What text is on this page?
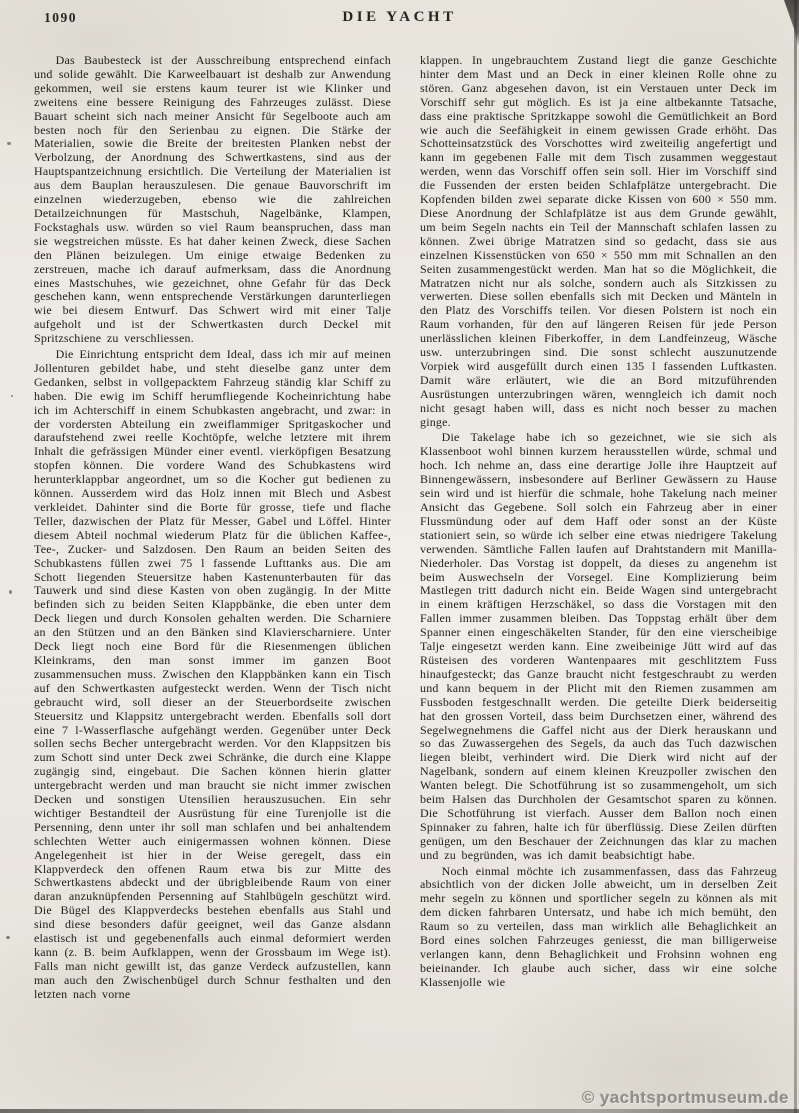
1090	DIE YACHT

Das Baubesteck ist der Ausschreibung entsprechend einfach und solide gewählt. Die Karweelbauart ist deshalb zur Anwendung gekommen, weil sie erstens kaum teurer ist wie Klinker und zweitens eine bessere Reinigung des Fahrzeuges zulässt. Diese Bauart scheint sich nach meiner Ansicht für Segelboote auch am besten noch für den Serienbau zu eignen. Die Stärke der Materialien, sowie die Breite der breitesten Planken nebst der Verbolzung, der Anordnung des Schwertkastens, sind aus der Hauptspantzeichnung ersichtlich. Die Verteilung der Materialien ist aus dem Bauplan herauszulesen. Die genaue Bauvorschrift im einzelnen wiederzugeben, ebenso wie die zahlreichen Detailzeichnungen für Mastschuh, Nagelbänke, Klampen, Fockstaghals usw. würden so viel Raum beanspruchen, dass man sie wegstreichen müsste. Es hat daher keinen Zweck, diese Sachen den Plänen beizulegen. Um einige etwaige Bedenken zu zerstreuen, mache ich darauf aufmerksam, dass die Anordnung eines Mastschuhes, wie gezeichnet, ohne Gefahr für das Deck geschehen kann, wenn entsprechende Verstärkungen darunterliegen wie bei diesem Entwurf. Das Schwert wird mit einer Talje aufgeholt und ist der Schwertkasten durch Deckel mit Spritzschiene zu verschliessen.

Die Einrichtung entspricht dem Ideal, dass ich mir auf meinen Jollenturen gebildet habe, und steht dieselbe ganz unter dem Gedanken, selbst in vollgepacktem Fahrzeug ständig klar Schiff zu haben. Die ewig im Schiff herumfliegende Kocheinrichtung habe ich im Achterschiff in einem Schubkasten angebracht, und zwar: in der vordersten Abteilung ein zweiflammiger Spritgaskocher und daraufstehend zwei reelle Kochtöpfe, welche letztere mit ihrem Inhalt die gefrässigen Münder einer eventl. vierköpfigen Besatzung stopfen können. Die vordere Wand des Schubkastens wird herunterklappbar angeordnet, um so die Kocher gut bedienen zu können. Ausserdem wird das Holz innen mit Blech und Asbest verkleidet. Dahinter sind die Borte für grosse, tiefe und flache Teller, dazwischen der Platz für Messer, Gabel und Löffel. Hinter diesem Abteil nochmal wiederum Platz für die üblichen Kaffee-, Tee-, Zucker- und Salzdosen. Den Raum an beiden Seiten des Schubkastens füllen zwei 75 l fassende Lufttanks aus. Die am Schott liegenden Steuersitze haben Kastenunterbauten für das Tauwerk und sind diese Kasten von oben zugängig. In der Mitte befinden sich zu beiden Seiten Klappbänke, die eben unter dem Deck liegen und durch Konsolen gehalten werden. Die Scharniere an den Stützen und an den Bänken sind Klavierscharniere. Unter Deck liegt noch eine Bord für die Riesenmengen üblichen Kleinkrams, den man sonst immer im ganzen Boot zusammensuchen muss. Zwischen den Klappbänken kann ein Tisch auf den Schwertkasten aufgesteckt werden. Wenn der Tisch nicht gebraucht wird, soll dieser an der Steuerbordseite zwischen Steuersitz und Klappsitz untergebracht werden. Ebenfalls soll dort eine 7 l-Wasserflasche aufgehängt werden. Gegenüber unter Deck sollen sechs Becher untergebracht werden. Vor den Klappsitzen bis zum Schott sind unter Deck zwei Schränke, die durch eine Klappe zugängig sind, eingebaut. Die Sachen können hierin glatter untergebracht werden und man braucht sie nicht immer zwischen Decken und sonstigen Utensilien herauszusuchen. Ein sehr wichtiger Bestandteil der Ausrüstung für eine Turenjolle ist die Persenning, denn unter ihr soll man schlafen und bei anhaltendem schlechten Wetter auch einigermassen wohnen können. Diese Angelegenheit ist hier in der Weise geregelt, dass ein Klappverdeck den offenen Raum etwa bis zur Mitte des Schwertkastens abdeckt und der übrigbleibende Raum von einer daran anzuknüpfenden Persenning auf Stahlbügeln geschützt wird. Die Bügel des Klappverdecks bestehen ebenfalls aus Stahl und sind diese besonders dafür geeignet, weil das Ganze alsdann elastisch ist und gegebenenfalls auch einmal deformiert werden kann (z. B. beim Aufklappen, wenn der Grossbaum im Wege ist). Falls man nicht gewillt ist, das ganze Verdeck aufzustellen, kann man auch den Zwischenbügel durch Schnur festhalten und den letzten nach vorne

klappen. In ungebrauchtem Zustand liegt die ganze Geschichte hinter dem Mast und an Deck in einer kleinen Rolle ohne zu stören. Ganz abgesehen davon, ist ein Verstauen unter Deck im Vorschiff sehr gut möglich. Es ist ja eine altbekannte Tatsache, dass eine praktische Spritzkappe sowohl die Gemütlichkeit an Bord wie auch die Seefähigkeit in einem gewissen Grade erhöht. Das Schotteinsatzstück des Vorschottes wird zweiteilig angefertigt und kann im gegebenen Falle mit dem Tisch zusammen weggestaut werden, wenn das Vorschiff offen sein soll. Hier im Vorschiff sind die Fussenden der ersten beiden Schlafplätze untergebracht. Die Kopfenden bilden zwei separate dicke Kissen von 600 × 550 mm. Diese Anordnung der Schlafplätze ist aus dem Grunde gewählt, um beim Segeln nachts ein Teil der Mannschaft schlafen lassen zu können. Zwei übrige Matratzen sind so gedacht, dass sie aus einzelnen Kissenstücken von 650 × 550 mm mit Schnallen an den Seiten zusammengestückt werden. Man hat so die Möglichkeit, die Matratzen nicht nur als solche, sondern auch als Sitzkissen zu verwerten. Diese sollen ebenfalls sich mit Decken und Mänteln in den Platz des Vorschiffs teilen. Vor diesen Polstern ist noch ein Raum vorhanden, für den auf längeren Reisen für jede Person unerlässlichen kleinen Fiberkoffer, in dem Landfeinzeug, Wäsche usw. unterzubringen sind. Die sonst schlecht auszunutzende Vorpiek wird ausgefüllt durch einen 135 l fassenden Luftkasten. Damit wäre erläutert, wie die an Bord mitzuführenden Ausrüstungen unterzubringen wären, wenngleich ich damit noch nicht gesagt haben will, dass es nicht noch besser zu machen ginge.

Die Takelage habe ich so gezeichnet, wie sie sich als Klassenboot wohl binnen kurzem herausstellen würde, schmal und hoch. Ich nehme an, dass eine derartige Jolle ihre Hauptzeit auf Binnengewässern, insbesondere auf Berliner Gewässern zu Hause sein wird und ist hierfür die schmale, hohe Takelung nach meiner Ansicht das Gegebene. Soll solch ein Fahrzeug aber in einer Flussmündung oder auf dem Haff oder sonst an der Küste stationiert sein, so würde ich selber eine etwas niedrigere Takelung verwenden. Sämtliche Fallen laufen auf Drahtstandern mit Manilla-Niederholer. Das Vorstag ist doppelt, da dieses zu angenehm ist beim Auswechseln der Vorsegel. Eine Komplizierung beim Mastlegen tritt dadurch nicht ein. Beide Wagen sind untergebracht in einem kräftigen Herzschäkel, so dass die Vorstagen mit den Fallen immer zusammen bleiben. Das Toppstag erhält über dem Spanner einen eingeschäkelten Stander, für den eine vierscheibige Talje eingesetzt werden kann. Eine zweibeinige Jütt wird auf das Rüsteisen des vorderen Wantenpaares mit geschlitztem Fuss hinaufgesteckt; das Ganze braucht nicht festgeschraubt zu werden und kann bequem in der Plicht mit den Riemen zusammen am Fussboden festgeschnallt werden. Die geteilte Dierk beiderseitig hat den grossen Vorteil, dass beim Durchsetzen einer, während des Segelwegnehmens die Gaffel nicht aus der Dierk herauskann und so das Zuwassergehen des Segels, da auch das Tuch dazwischen liegen bleibt, verhindert wird. Die Dierk wird nicht auf der Nagelbank, sondern auf einem kleinen Kreuzpoller zwischen den Wanten belegt. Die Schotführung ist so zusammengeholt, um sich beim Halsen das Durchholen der Gesamtschot sparen zu können. Die Schotführung ist vierfach. Ausser dem Ballon noch einen Spinnaker zu fahren, halte ich für überflüssig. Diese Zeilen dürften genügen, um den Beschauer der Zeichnungen das klar zu machen und zu begründen, was ich damit beabsichtigt habe.

Noch einmal möchte ich zusammenfassen, dass das Fahrzeug absichtlich von der dicken Jolle abweicht, um in derselben Zeit mehr segeln zu können und sportlicher segeln zu können als mit dem dicken fahrbaren Untersatz, und habe ich mich bemüht, den Raum so zu verteilen, dass man wirklich alle Behaglichkeit an Bord eines solchen Fahrzeuges geniesst, die man billigerweise verlangen kann, denn Behaglichkeit und Frohsinn wohnen eng beieinander. Ich glaube auch sicher, dass wir eine solche Klassenjolle wie

© yachtsportmuseum.de
